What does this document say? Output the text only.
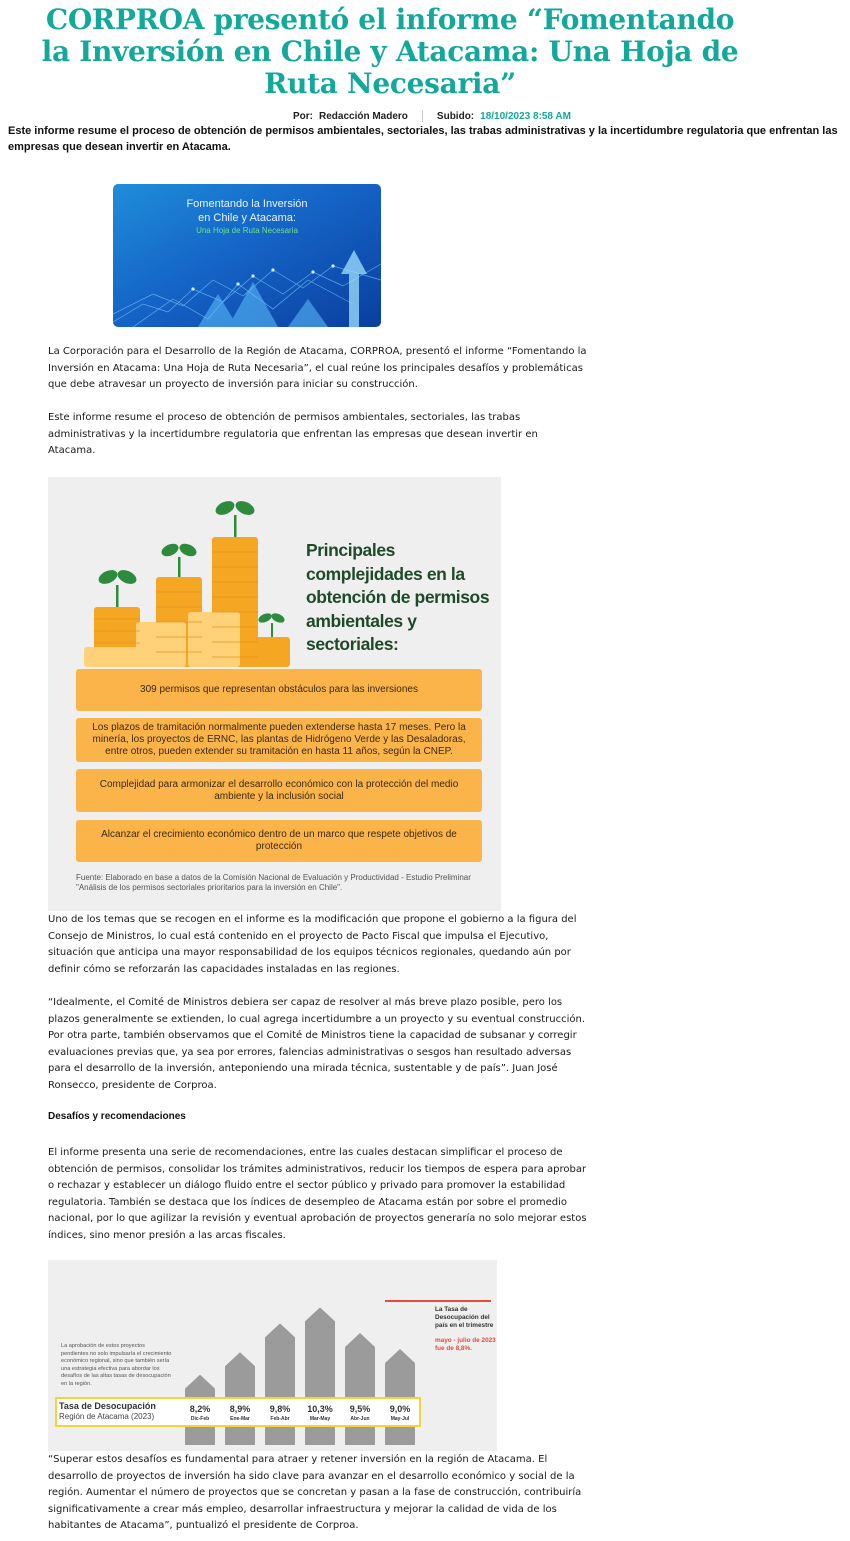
CORPROA presentó el informe “Fomentando la Inversión en Chile y Atacama: Una Hoja de Ruta Necesaria”
Por: Redacción Madero	Subido: 18/10/2023 8:58 AM

Este informe resume el proceso de obtención de permisos ambientales, sectoriales, las trabas administrativas y la incertidumbre regulatoria que enfrentan las empresas que desean invertir en Atacama.

Fomentando la Inversión
en Chile y Atacama:
Una Hoja de Ruta Necesaria

La Corporación para el Desarrollo de la Región de Atacama, CORPROA, presentó el informe “Fomentando la Inversión en Atacama: Una Hoja de Ruta Necesaria”, el cual reúne los principales desafíos y problemáticas que debe atravesar un proyecto de inversión para iniciar su construcción.

Este informe resume el proceso de obtención de permisos ambientales, sectoriales, las trabas administrativas y la incertidumbre regulatoria que enfrentan las empresas que desean invertir en Atacama.

Principales complejidades en la obtención de permisos ambientales y sectoriales:
309 permisos que representan obstáculos para las inversiones
Los plazos de tramitación normalmente pueden extenderse hasta 17 meses. Pero la minería, los proyectos de ERNC, las plantas de Hidrógeno Verde y las Desaladoras, entre otros, pueden extender su tramitación en hasta 11 años, según la CNEP.
Complejidad para armonizar el desarrollo económico con la protección del medio ambiente y la inclusión social
Alcanzar el crecimiento económico dentro de un marco que respete objetivos de protección
Fuente: Elaborado en base a datos de la Comisión Nacional de Evaluación y Productividad - Estudio Preliminar "Análisis de los permisos sectoriales prioritarios para la inversión en Chile".

Uno de los temas que se recogen en el informe es la modificación que propone el gobierno a la figura del Consejo de Ministros, lo cual está contenido en el proyecto de Pacto Fiscal que impulsa el Ejecutivo, situación que anticipa una mayor responsabilidad de los equipos técnicos regionales, quedando aún por definir cómo se reforzarán las capacidades instaladas en las regiones.

“Idealmente, el Comité de Ministros debiera ser capaz de resolver al más breve plazo posible, pero los plazos generalmente se extienden, lo cual agrega incertidumbre a un proyecto y su eventual construcción. Por otra parte, también observamos que el Comité de Ministros tiene la capacidad de subsanar y corregir evaluaciones previas que, ya sea por errores, falencias administrativas o sesgos han resultado adversas para el desarrollo de la inversión, anteponiendo una mirada técnica, sustentable y de país”. Juan José Ronsecco, presidente de Corproa.

Desafíos y recomendaciones

El informe presenta una serie de recomendaciones, entre las cuales destacan simplificar el proceso de obtención de permisos, consolidar los trámites administrativos, reducir los tiempos de espera para aprobar o rechazar y establecer un diálogo fluido entre el sector público y privado para promover la estabilidad regulatoria. También se destaca que los índices de desempleo de Atacama están por sobre el promedio nacional, por lo que agilizar la revisión y eventual aprobación de proyectos generaría no solo mejorar estos índices, sino menor presión a las arcas fiscales.

La aprobación de estos proyectos pendientes no solo impulsaría el crecimiento económico regional, sino que también sería una estrategia efectiva para abordar los desafíos de las altas tasas de desocupación en la región.
Tasa de Desocupación
Región de Atacama (2023)
8,2%
Dic-Feb
8,9%
Ene-Mar
9,8%
Feb-Abr
10,3%
Mar-May
9,5%
Abr-Jun
9,0%
May-Jul
La Tasa de Desocupación del país en el trimestre
mayo - julio de 2023 fue de 8,8%.

“Superar estos desafíos es fundamental para atraer y retener inversión en la región de Atacama. El desarrollo de proyectos de inversión ha sido clave para avanzar en el desarrollo económico y social de la región. Aumentar el número de proyectos que se concretan y pasan a la fase de construcción, contribuiría significativamente a crear más empleo, desarrollar infraestructura y mejorar la calidad de vida de los habitantes de Atacama”, puntualizó el presidente de Corproa.
